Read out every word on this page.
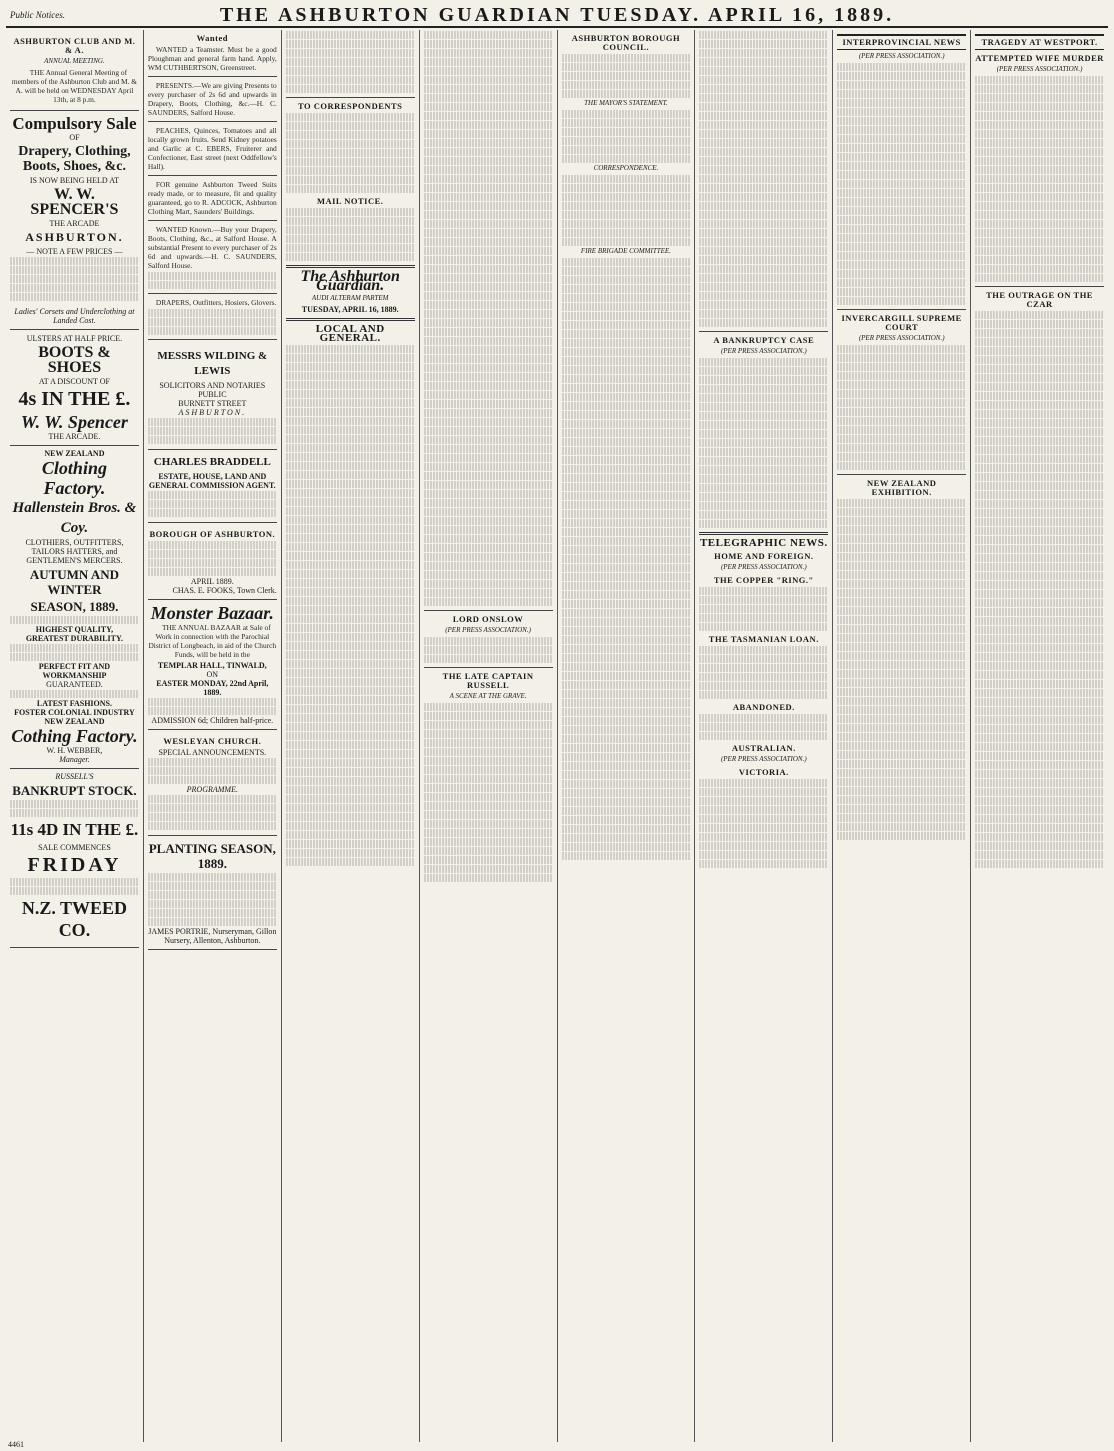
Public Notices.	THE ASHBURTON GUARDIAN TUESDAY. APRIL 16, 1889.
ASHBURTON CLUB AND M. & A.
ANNUAL MEETING.
THE Annual General Meeting of members of the Ashburton Club and M. & A. will be held on WEDNESDAY April 13th, at 8 p.m.
Compulsory Sale
OF
Drapery, Clothing, Boots, Shoes, &c.
IS NOW BEING HELD AT
W. W. SPENCER'S
THE ARCADE
ASHBURTON.
— NOTE A FEW PRICES —
Ladies' Corsets and Underclothing at Landed Cost.
ULSTERS AT HALF PRICE.
BOOTS & SHOES
AT A DISCOUNT OF
4s IN THE £.
W. W. Spencer
THE ARCADE.
NEW ZEALAND
Clothing Factory.
Hallenstein Bros. & Coy.
CLOTHIERS, OUTFITTERS, TAILORS HATTERS, and GENTLEMEN'S MERCERS.
AUTUMN AND WINTER
SEASON, 1889.
HIGHEST QUALITY,
GREATEST DURABILITY.
PERFECT FIT AND WORKMANSHIP
GUARANTEED.
LATEST FASHIONS.
FOSTER COLONIAL INDUSTRY
NEW ZEALAND
Cothing Factory.
W. H. WEBBER,
Manager.
RUSSELL'S
BANKRUPT STOCK.
11s 4D IN THE £.
SALE COMMENCES
FRIDAY
N.Z. TWEED CO.
Wanted
WANTED a Teamster. Must be a good Ploughman and general farm hand. Apply, WM CUTHBERTSON, Greenstreet.
PRESENTS.—We are giving Presents to every purchaser of 2s 6d and upwards in Drapery, Boots, Clothing, &c.—H. C. SAUNDERS, Salford House.
PEACHES, Quinces, Tomatoes and all locally grown fruits. Send Kidney potatoes and Garlic at C. EBERS, Fruiterer and Confectioner, East street (next Oddfellow's Hall).
FOR genuine Ashburton Tweed Suits ready made, or to measure, fit and quality guaranteed, go to R. ADCOCK, Ashburton Clothing Mart, Saunders' Buildings.
WANTED Known.—Buy your Drapery, Boots, Clothing, &c., at Salford House. A substantial Present to every purchaser of 2s 6d and upwards.—H. C. SAUNDERS, Salford House.
DRAPERS, Outfitters, Hosiers, Glovers.
MESSRS WILDING & LEWIS
SOLICITORS AND NOTARIES PUBLIC
BURNETT STREET
ASHBURTON.
CHARLES BRADDELL
ESTATE, HOUSE, LAND AND GENERAL COMMISSION AGENT.
BOROUGH OF ASHBURTON.
APRIL 1889.
CHAS. E. FOOKS, Town Clerk.
Monster Bazaar.
THE ANNUAL BAZAAR at Sale of Work in connection with the Parochial District of Longbeach, in aid of the Church Funds, will be held in the
TEMPLAR HALL, TINWALD,
ON
EASTER MONDAY, 22nd April, 1889.
ADMISSION 6d; Children half-price.
WESLEYAN CHURCH.
SPECIAL ANNOUNCEMENTS.
PROGRAMME.
PLANTING SEASON, 1889.
JAMES PORTRIE, Nurseryman, Gillon Nursery, Allenton, Ashburton.
TO CORRESPONDENTS
MAIL NOTICE.
The Ashburton Guardian.
AUDI ALTERAM PARTEM
TUESDAY, APRIL 16, 1889.
LOCAL AND GENERAL.
LORD ONSLOW
(PER PRESS ASSOCIATION.)
THE LATE CAPTAIN RUSSELL
A SCENE AT THE GRAVE.
ASHBURTON BOROUGH COUNCIL.
THE MAYOR'S STATEMENT.
CORRESPONDENCE.
FIRE BRIGADE COMMITTEE.
A BANKRUPTCY CASE
(PER PRESS ASSOCIATION.)
TELEGRAPHIC NEWS.
HOME AND FOREIGN.
(PER PRESS ASSOCIATION.)
THE COPPER "RING."
THE TASMANIAN LOAN.
ABANDONED.
AUSTRALIAN.
(PER PRESS ASSOCIATION.)
VICTORIA.
INTERPROVINCIAL NEWS
(PER PRESS ASSOCIATION.)
INVERCARGILL SUPREME COURT
(PER PRESS ASSOCIATION.)
NEW ZEALAND EXHIBITION.
TRAGEDY AT WESTPORT.
ATTEMPTED WIFE MURDER
(PER PRESS ASSOCIATION.)
THE OUTRAGE ON THE CZAR
4461
